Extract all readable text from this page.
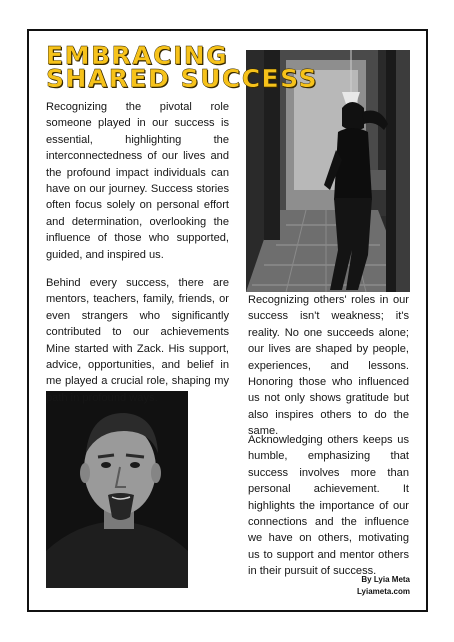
EMBRACING
SHARED SUCCESS

Recognizing the pivotal role someone played in our success is essential, highlighting the interconnectedness of our lives and the profound impact individuals can have on our journey. Success stories often focus solely on personal effort and determination, overlooking the influence of those who supported, guided, and inspired us.

Behind every success, there are mentors, teachers, family, friends, or even strangers who significantly contributed to our achievements Mine started with Zack. His support, advice, opportunities, and belief in me played a crucial role, shaping my path in profound ways.

Recognizing others' roles in our success isn't weakness; it's reality. No one succeeds alone; our lives are shaped by people, experiences, and lessons. Honoring those who influenced us not only shows gratitude but also inspires others to do the same.

Acknowledging others keeps us humble, emphasizing that success involves more than personal achievement. It highlights the importance of our connections and the influence we have on others, motivating us to support and mentor others in their pursuit of success.

By Lyia Meta
Lyiameta.com
